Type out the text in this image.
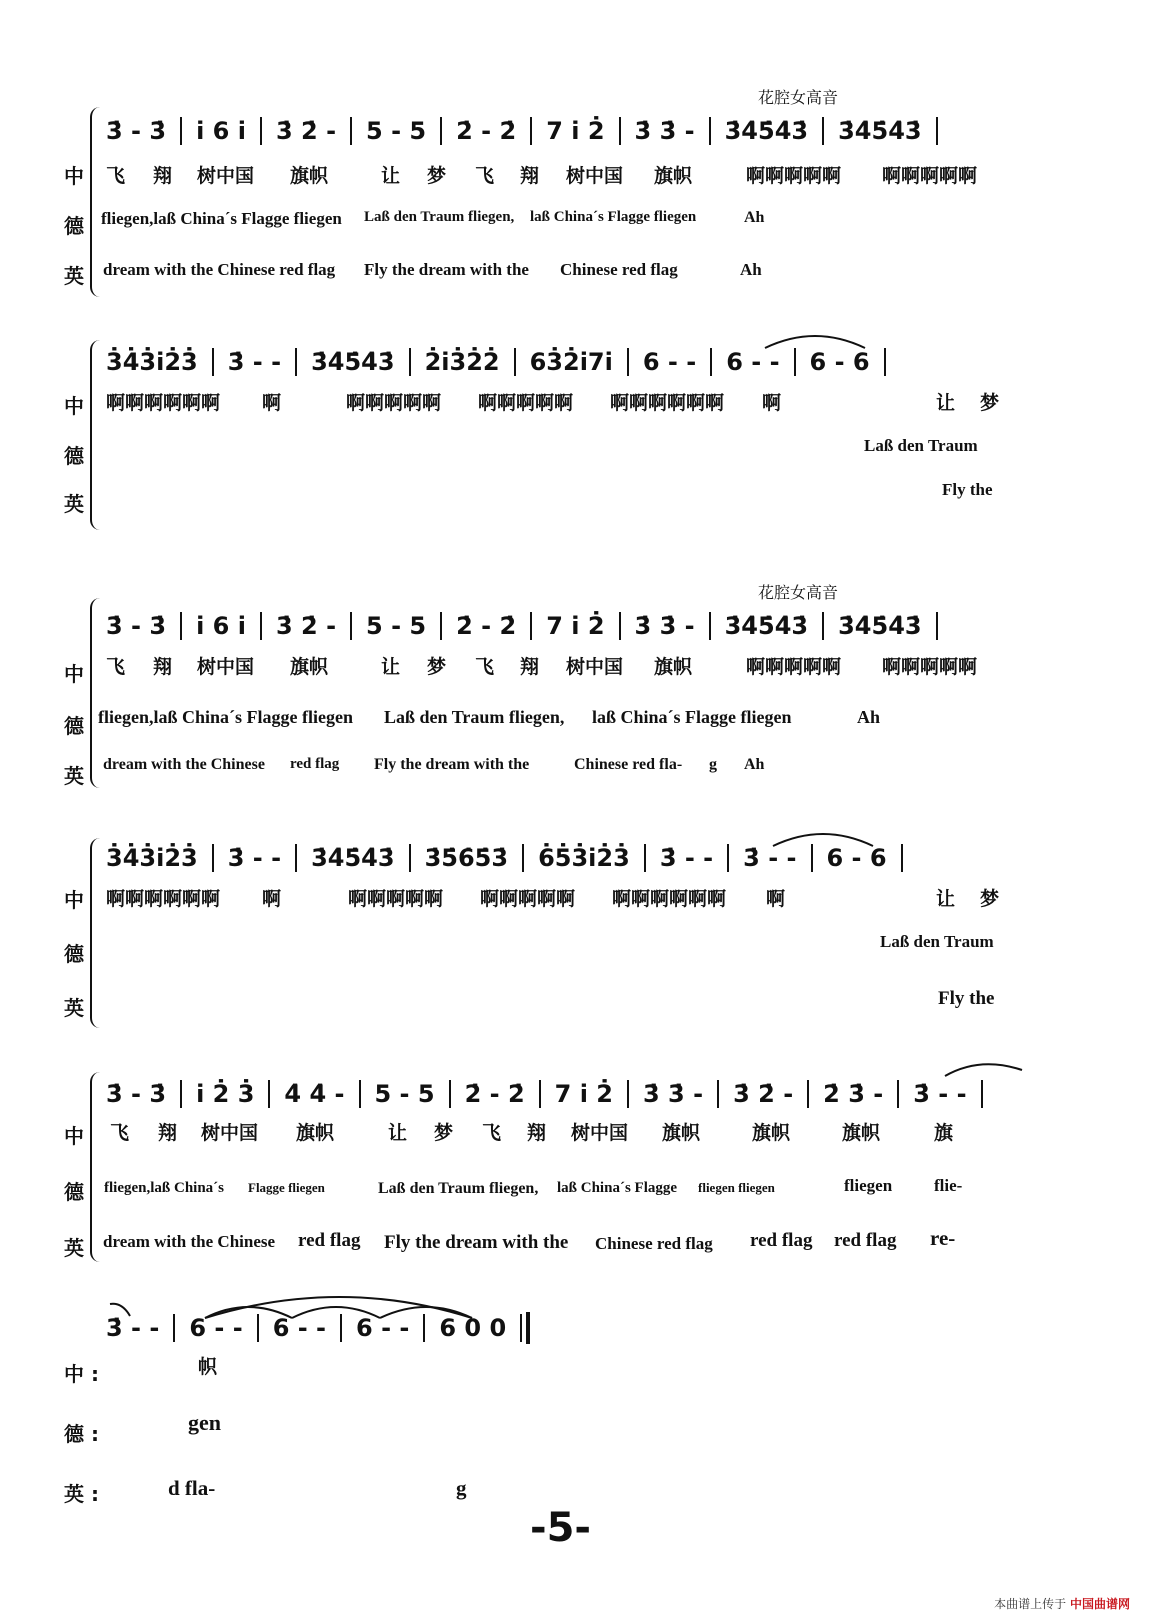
花腔女高音
3̇ - 3̇	i 6 i	3̇ 2̇ -	5 - 5	2̇ - 2̇	7 i 2̇	3̇ 3̇ -	3̇4̇5̇4̇3̇	3̇4̇5̇4̇3̇
中
德
英
飞 翔 树中国 旗帜	让 梦 飞 翔 树中国 旗帜	啊啊啊啊啊 啊啊啊啊啊
fliegen,laß China´s Flagge fliegen Laß den Traum fliegen, laß China´s Flagge fliegen	Ah
dream with the Chinese red flag Fly the dream with the Chinese red flag	Ah
3̇4̇3̇i2̇3̇	3̇ - -	3̇4̇5̇4̇3̇	2̇i3̇2̇2̇	63̇2̇i7i	6 - -	6 - -	6 - 6
中
德
英
啊啊啊啊啊啊 啊	啊啊啊啊啊 啊啊啊啊啊 啊啊啊啊啊啊 啊	让 梦
Laß den Traum
Fly the
花腔女高音
3̇ - 3̇	i 6 i	3̇ 2̇ -	5 - 5	2̇ - 2̇	7 i 2̇	3̇ 3̇ -	3̇4̇5̇4̇3̇	3̇4̇5̇4̇3̇
中
德
英
飞 翔 树中国 旗帜	让 梦 飞 翔 树中国 旗帜	啊啊啊啊啊 啊啊啊啊啊
fliegen,laß China´s Flagge fliegen Laß den Traum fliegen, laß China´s Flagge fliegen	Ah
dream with the Chinese red flag Fly the dream with the	Chinese red fla- g Ah
3̇4̇3̇i2̇3̇	3̇ - -	3̇4̇5̇4̇3̇	3̇5̇6̇5̇3̇	6̇5̇3̇i2̇3̇	3̇ - -	3̇ - -	6 - 6
中
德
英
啊啊啊啊啊啊 啊	啊啊啊啊啊 啊啊啊啊啊 啊啊啊啊啊啊 啊	让 梦
Laß den Traum
Fly the
3̇ - 3̇	i 2̇ 3̇	4̇ 4̇ -	5 - 5	2̇ - 2̇	7 i 2̇	3̇ 3̇ -	3̇ 2̇ -	2̇ 3̇ -	3̇ - -
中
德
英
飞 翔 树中国 旗帜	让 梦 飞 翔 树中国 旗帜	旗帜	旗帜	旗
fliegen,laß China´s Flagge fliegen	Laß den Traum fliegen, laß China´s Flagge fliegen fliegen	fliegen flie-
dream with the Chinese red flag Fly the dream with the Chinese red flag red flag red flag re-
3̇ - -	6 - -	6 - -	6 - -	6 0 0
中 :
德 :
英 :
帜
gen
d fla-	g
-5-
本曲谱上传于 中国曲谱网
